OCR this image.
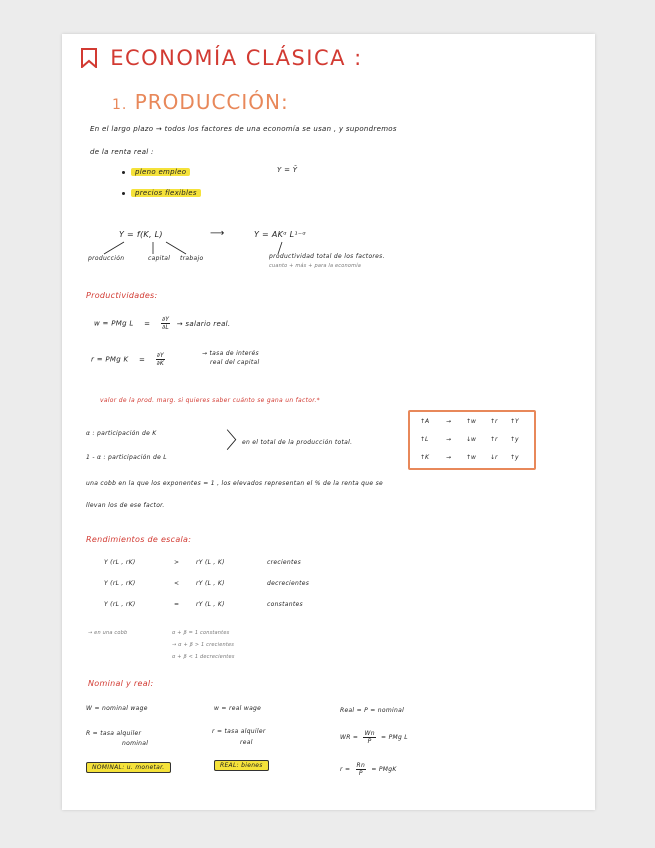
ECONOMÍA CLÁSICA :
1. PRODUCCIÓN:
En el largo plazo → todos los factores de una economía se usan , y supondremos
de la renta real :
pleno empleo	Y = Ȳ
precios flexibles
Y = f(K, L)	⟶	Y = AKᵅ L¹⁻ᵅ
producción	capital trabajo	productividad total de los factores.
cuanto + más + para la economía
Productividades:
w = PMg $L = \frac{\partial Y}{\partial L}$ → salario real.
r = PMg $K = \frac{\partial Y}{\partial K}$	→ tasa de interés
real del capital
valor de la prod. marg. si quieres saber cuánto se gana un factor.*
α : participación de K
1 - α : participación de L
〉
en el total de la producción total.
↑A	→ ↑w ↑r ↑Y
↑L	→ ↓w ↑r ↑y
↑K	→ ↑w ↓r ↑y
una cobb en la que los exponentes = 1 , los elevados representan el % de la renta que se
llevan los de ese factor.
Rendimientos de escala:
Y (rL , rK)	>	rY (L , K)	crecientes
Y (rL , rK)	<	rY (L , K)	decrecientes
Y (rL , rK)	=	rY (L , K)	constantes
→ en una cobb	α + β = 1 constantes
→ α + β > 1 crecientes
α + β < 1 decrecientes
Nominal y real:
W = nominal wage	w = real wage	Real = P = nominal
R = tasa alquiler
nominal
r = tasa alquiler
real
WR = $\frac{Wn}{P}$ = PMg L
$r = \frac{Rn}{P}$ = PMgK
NOMINAL: u. monetar.	REAL: bienes
